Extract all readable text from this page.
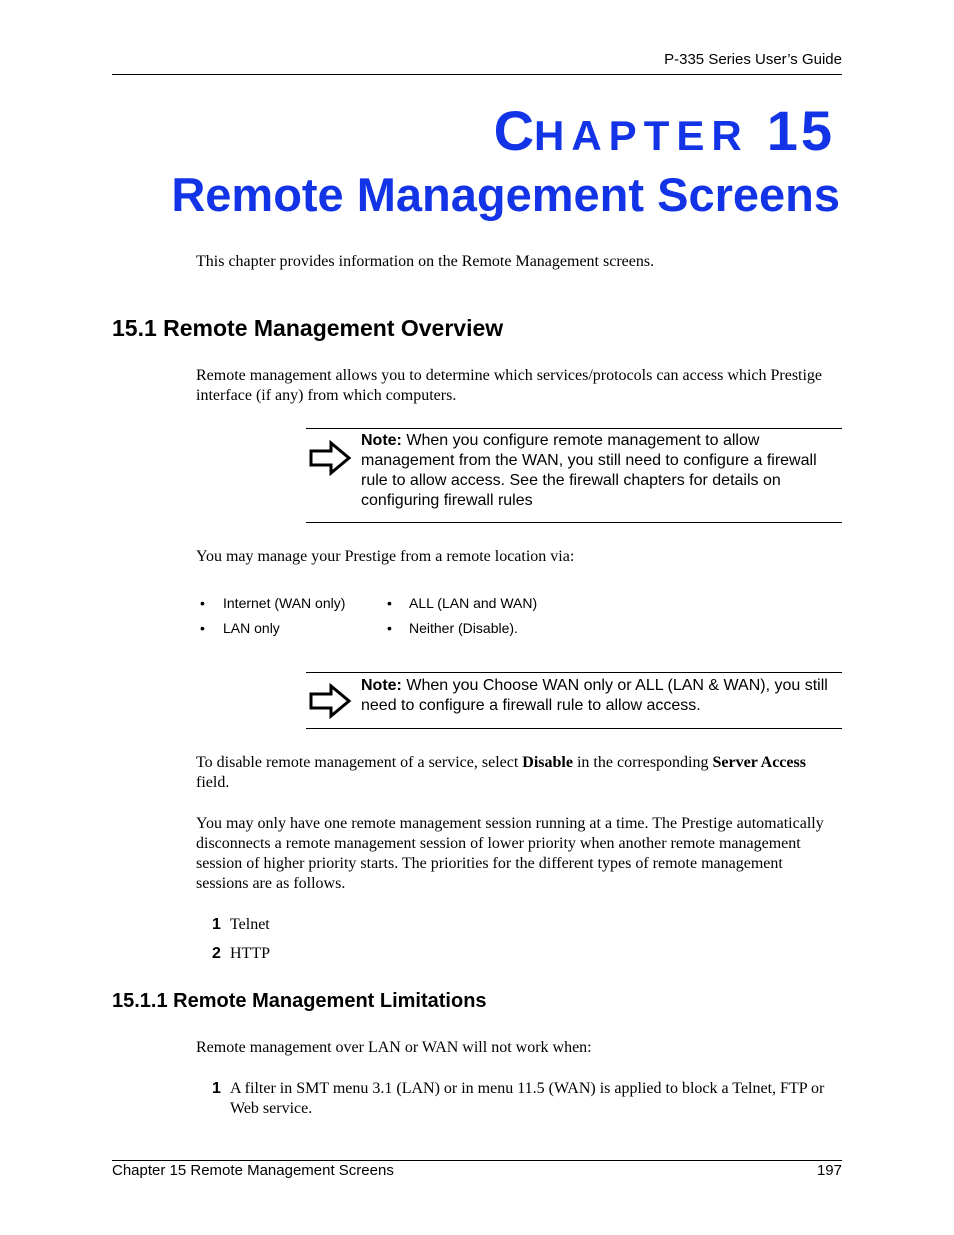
P-335 Series User’s Guide
CHAPTER 15
Remote Management Screens
This chapter provides information on the Remote Management screens.
15.1 Remote Management Overview
Remote management allows you to determine which services/protocols can access which Prestige interface (if any) from which computers.
Note: When you configure remote management to allow management from the WAN, you still need to configure a firewall rule to allow access. See the firewall chapters for details on configuring firewall rules
You may manage your Prestige from a remote location via:
• Internet (WAN only)	• ALL (LAN and WAN)
• LAN only	• Neither (Disable).
Note: When you Choose WAN only or ALL (LAN & WAN), you still need to configure a firewall rule to allow access.
To disable remote management of a service, select Disable in the corresponding Server Access field.
You may only have one remote management session running at a time. The Prestige automatically disconnects a remote management session of lower priority when another remote management session of higher priority starts. The priorities for the different types of remote management sessions are as follows.
1 Telnet
2 HTTP
15.1.1 Remote Management Limitations
Remote management over LAN or WAN will not work when:
1 A filter in SMT menu 3.1 (LAN) or in menu 11.5 (WAN) is applied to block a Telnet, FTP or Web service.
Chapter 15 Remote Management Screens	197
